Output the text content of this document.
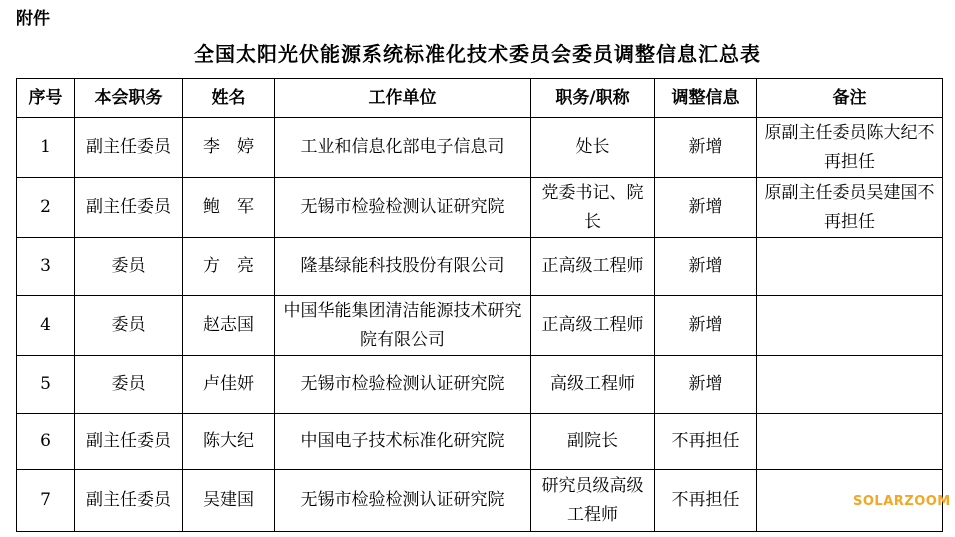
附件
全国太阳光伏能源系统标准化技术委员会委员调整信息汇总表
序号	本会职务	姓名	工作单位	职务/职称	调整信息	备注
1	副主任委员	李　婷	工业和信息化部电子信息司	处长	新增	原副主任委员陈大纪不再担任
2	副主任委员	鲍　军	无锡市检验检测认证研究院	党委书记、院长	新增	原副主任委员吴建国不再担任
3	委员	方　亮	隆基绿能科技股份有限公司	正高级工程师	新增	
4	委员	赵志国	中国华能集团清洁能源技术研究院有限公司	正高级工程师	新增	
5	委员	卢佳妍	无锡市检验检测认证研究院	高级工程师	新增	
6	副主任委员	陈大纪	中国电子技术标准化研究院	副院长	不再担任	
7	副主任委员	吴建国	无锡市检验检测认证研究院	研究员级高级工程师	不再担任		SOLARZOOM
